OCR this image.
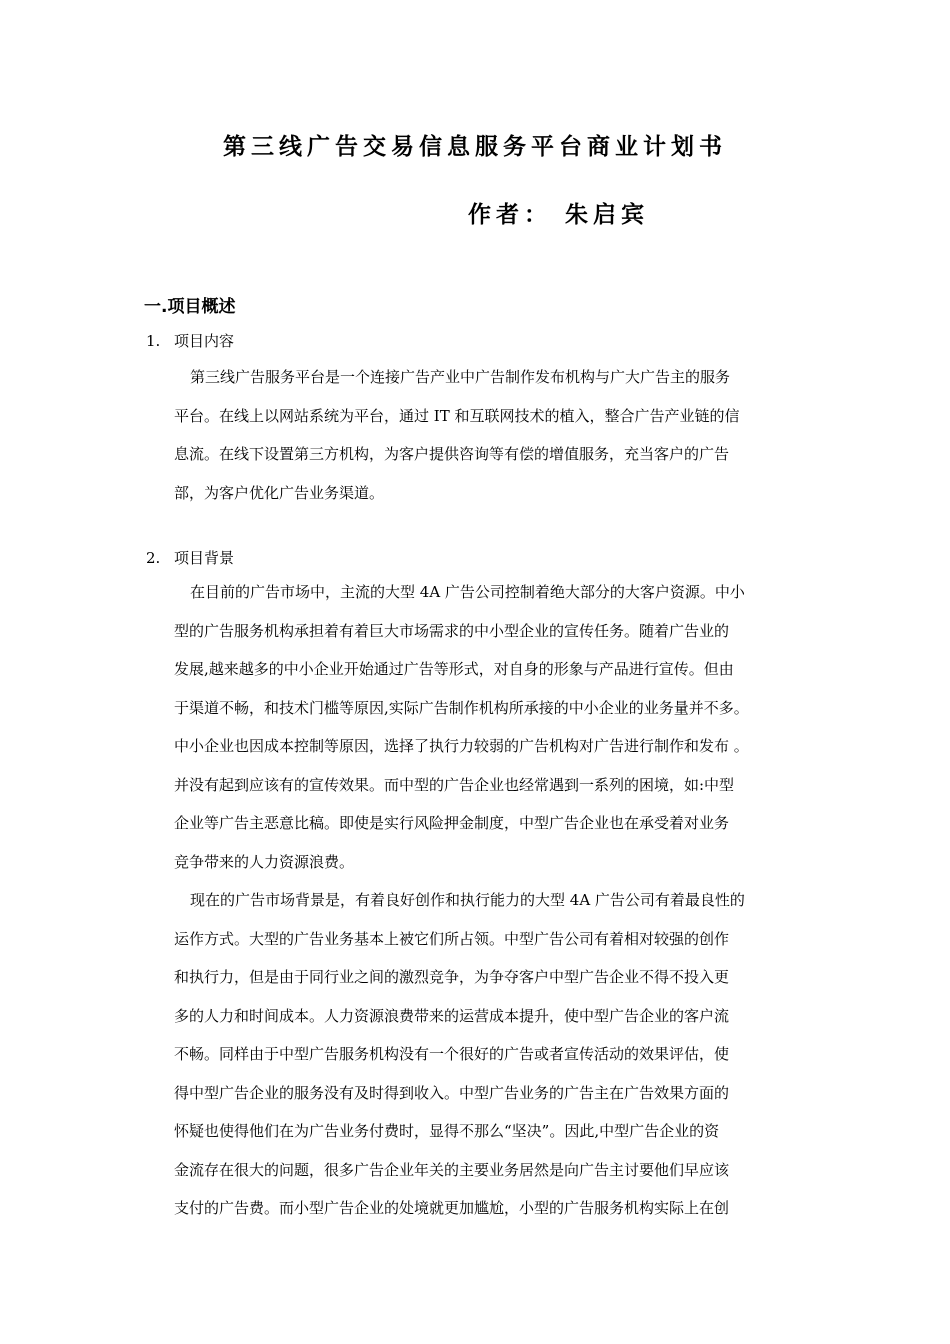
第三线广告交易信息服务平台商业计划书
作者： 朱启宾
一.项目概述
1. 项目内容
第三线广告服务平台是一个连接广告产业中广告制作发布机构与广大广告主的服务
平台。在线上以网站系统为平台，通过 IT 和互联网技术的植入，整合广告产业链的信
息流。在线下设置第三方机构，为客户提供咨询等有偿的增值服务，充当客户的广告
部，为客户优化广告业务渠道。
2. 项目背景
在目前的广告市场中，主流的大型 4A 广告公司控制着绝大部分的大客户资源。中小
型的广告服务机构承担着有着巨大市场需求的中小型企业的宣传任务。随着广告业的
发展,越来越多的中小企业开始通过广告等形式，对自身的形象与产品进行宣传。但由
于渠道不畅，和技术门槛等原因,实际广告制作机构所承接的中小企业的业务量并不多。
中小企业也因成本控制等原因，选择了执行力较弱的广告机构对广告进行制作和发布 。
并没有起到应该有的宣传效果。而中型的广告企业也经常遇到一系列的困境，如:中型
企业等广告主恶意比稿。即使是实行风险押金制度，中型广告企业也在承受着对业务
竞争带来的人力资源浪费。
现在的广告市场背景是，有着良好创作和执行能力的大型 4A 广告公司有着最良性的
运作方式。大型的广告业务基本上被它们所占领。中型广告公司有着相对较强的创作
和执行力，但是由于同行业之间的激烈竞争，为争夺客户中型广告企业不得不投入更
多的人力和时间成本。人力资源浪费带来的运营成本提升，使中型广告企业的客户流
不畅。同样由于中型广告服务机构没有一个很好的广告或者宣传活动的效果评估，使
得中型广告企业的服务没有及时得到收入。中型广告业务的广告主在广告效果方面的
怀疑也使得他们在为广告业务付费时，显得不那么“坚决”。因此,中型广告企业的资
金流存在很大的问题，很多广告企业年关的主要业务居然是向广告主讨要他们早应该
支付的广告费。而小型广告企业的处境就更加尴尬，小型的广告服务机构实际上在创
